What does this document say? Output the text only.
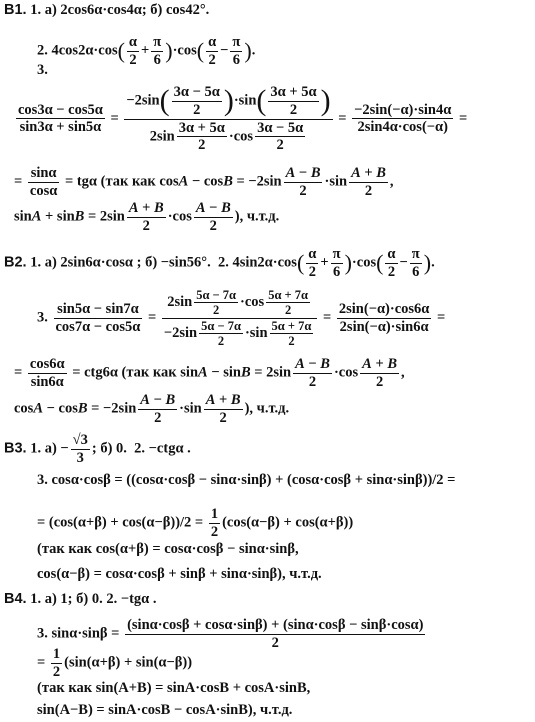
В1. 1. а) 2cos6α·cos4α; б) cos42°.
2. $4\cos 2\alpha\cdot\cos( \frac{\alpha}{2} + \frac{\pi}{6} )\cdot\cos( \frac{\alpha}{2} - \frac{\pi}{6}$ ).
3.
$\frac{\cos 3\alpha - \cos 5\alpha}{\sin 3\alpha + \sin 5\alpha} = \frac{-2\sin( \frac{3\alpha - 5\alpha}{2} )\cdot\sin( \frac{3\alpha + 5\alpha}{2} )}{2\sin \frac{3\alpha + 5\alpha}{2} \cdot\cos \frac{3\alpha - 5\alpha}{2}} = \frac{-2\sin(-\alpha)\cdot\sin 4\alpha}{2\sin 4\alpha\cdot\cos(-\alpha)}$ =
= $\frac{\sin\alpha}{\cos\alpha} = tg\alpha$ (так как $\cos A - \cos B = -2\sin \frac{A - B}{2} \cdot\sin \frac{A + B}{2}$ ,
$\sin A + \sin B = 2\sin \frac{A + B}{2} \cdot\cos \frac{A - B}{2}$ ), ч.т.д.
В2. 1. а) 2sin6α·cosα ; б) −sin56°.  2. $4\sin 2\alpha\cdot\cos( \frac{\alpha}{2} + \frac{\pi}{6} )\cdot\cos( \frac{\alpha}{2} - \frac{\pi}{6}$ ).
3. $\frac{\sin 5\alpha - \sin 7\alpha}{\cos 7\alpha - \cos 5\alpha} = \frac{2\sin \frac{5\alpha - 7\alpha}{2} \cdot\cos \frac{5\alpha + 7\alpha}{2}}{-2\sin \frac{5\alpha - 7\alpha}{2} \cdot\sin \frac{5\alpha + 7\alpha}{2}} = \frac{2\sin(-\alpha)\cdot\cos 6\alpha}{2\sin(-\alpha)\cdot\sin 6\alpha}$ =
= $\frac{\cos 6\alpha}{\sin 6\alpha} = ctg6\alpha$ (так как $\sin A - \sin B = 2\sin \frac{A - B}{2} \cdot\cos \frac{A + B}{2}$ ,
$\cos A - \cos B = -2\sin \frac{A - B}{2} \cdot\sin \frac{A + B}{2}$ ), ч.т.д.
В3. 1. $а) - \frac{√3}{3}$ ; б) 0.  2. −ctgα .
3. cosα·cosβ = ((cosα·cosβ − sinα·sinβ) + (cosα·cosβ + sinα·sinβ))/2 =
= $(\cos(\alpha+\beta) + \cos(\alpha-\beta))/2 = \frac{1}{2} (\cos(\alpha-\beta) + \cos(\alpha+\beta))$
(так как cos(α+β) = cosα·cosβ − sinα·sinβ,
cos(α−β) = cosα·cosβ + sinβ + sinα·sinβ), ч.т.д.
В4. 1. а) 1; б) 0. 2. −tgα .
3. $\sin\alpha\cdot\sin\beta = \frac{(\sin\alpha\cdot\cos\beta + \cos\alpha\cdot\sin\beta) + (\sin\alpha\cdot\cos\beta - \sin\beta\cdot\cos\alpha)}{2}$
= $\frac{1}{2} (\sin(\alpha+\beta) + \sin(\alpha-\beta))$
(так как sin(A+B) = sinA·cosB + cosA·sinB,
sin(A−B) = sinA·cosB − cosA·sinB), ч.т.д.
